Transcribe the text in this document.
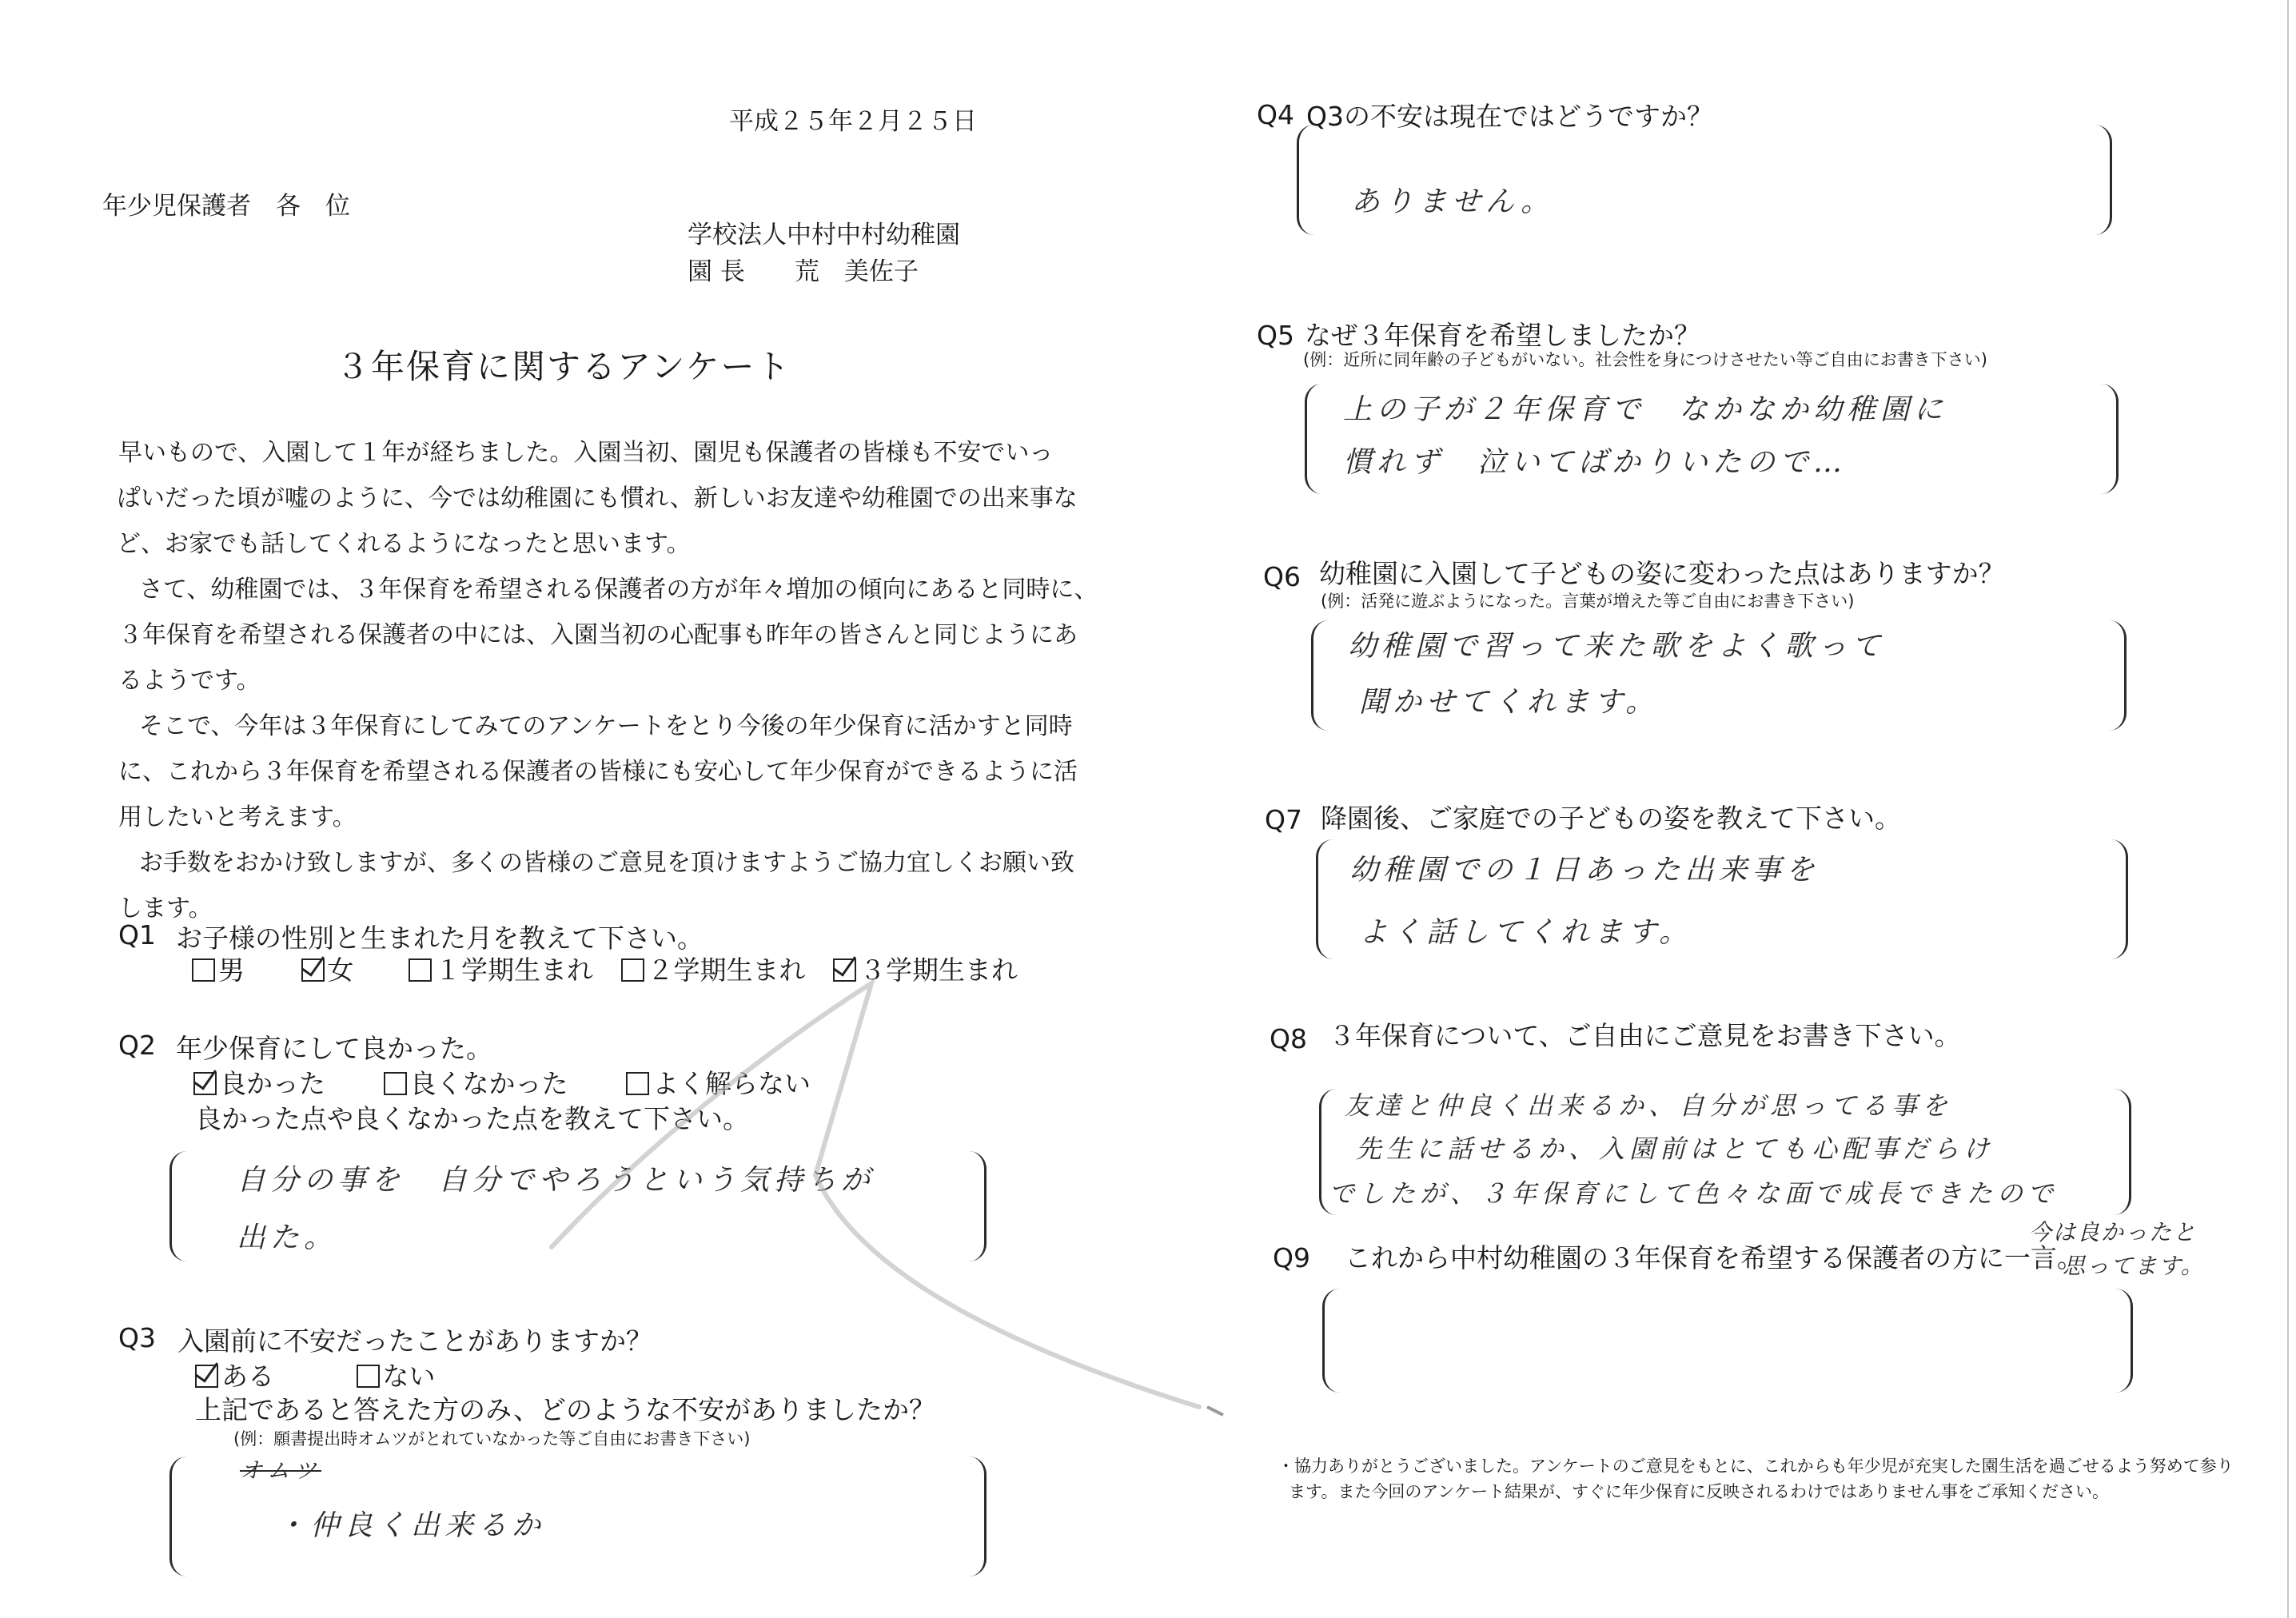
平成２５年２月２５日
年少児保護者　各　位
学校法人中村中村幼稚園
園 長　　荒　美佐子
３年保育に関するアンケート
早いもので、入園して１年が経ちました。入園当初、園児も保護者の皆様も不安でいっ
ぱいだった頃が嘘のように、今では幼稚園にも慣れ、新しいお友達や幼稚園での出来事な
ど、お家でも話してくれるようになったと思います。
さて、幼稚園では、３年保育を希望される保護者の方が年々増加の傾向にあると同時に、
３年保育を希望される保護者の中には、入園当初の心配事も昨年の皆さんと同じようにあ
るようです。
そこで、今年は３年保育にしてみてのアンケートをとり今後の年少保育に活かすと同時
に、これから３年保育を希望される保護者の皆様にも安心して年少保育ができるように活
用したいと考えます。
お手数をおかけ致しますが、多くの皆様のご意見を頂けますようご協力宜しくお願い致
します。
Q1 お子様の性別と生まれた月を教えて下さい。
男	女	１学期生まれ ２学期生まれ ３学期生まれ
Q2 年少保育にして良かった。
良かった	良くなかった	よく解らない
良かった点や良くなかった点を教えて下さい。
自分の事を　自分でやろうという気持ちが
出た。
Q3 入園前に不安だったことがありますか？
ある	ない
上記であると答えた方のみ、どのような不安がありましたか？
(例：願書提出時オムツがとれていなかった等ご自由にお書き下さい)
オムツ
・仲良く出来るか
Q4 Q3の不安は現在ではどうですか？
ありません。
Q5 なぜ３年保育を希望しましたか？
(例：近所に同年齢の子どもがいない。社会性を身につけさせたい等ご自由にお書き下さい)
上の子が２年保育で　なかなか幼稚園に
慣れず　泣いてばかりいたので…
Q6 幼稚園に入園して子どもの姿に変わった点はありますか？
(例：活発に遊ぶようになった。言葉が増えた等ご自由にお書き下さい)
幼稚園で習って来た歌をよく歌って
聞かせてくれます。
Q7 降園後、ご家庭での子どもの姿を教えて下さい。
幼稚園での１日あった出来事を
よく話してくれます。
Q8 ３年保育について、ご自由にご意見をお書き下さい。
友達と仲良く出来るか、自分が思ってる事を
先生に話せるか、入園前はとても心配事だらけ
でしたが、３年保育にして色々な面で成長できたので
今は良かったと
思ってます。
Q9 これから中村幼稚園の３年保育を希望する保護者の方に一言。
・協力ありがとうございました。アンケートのご意見をもとに、これからも年少児が充実した園生活を過ごせるよう努めて参り
ます。また今回のアンケート結果が、すぐに年少保育に反映されるわけではありません事をご承知ください。
